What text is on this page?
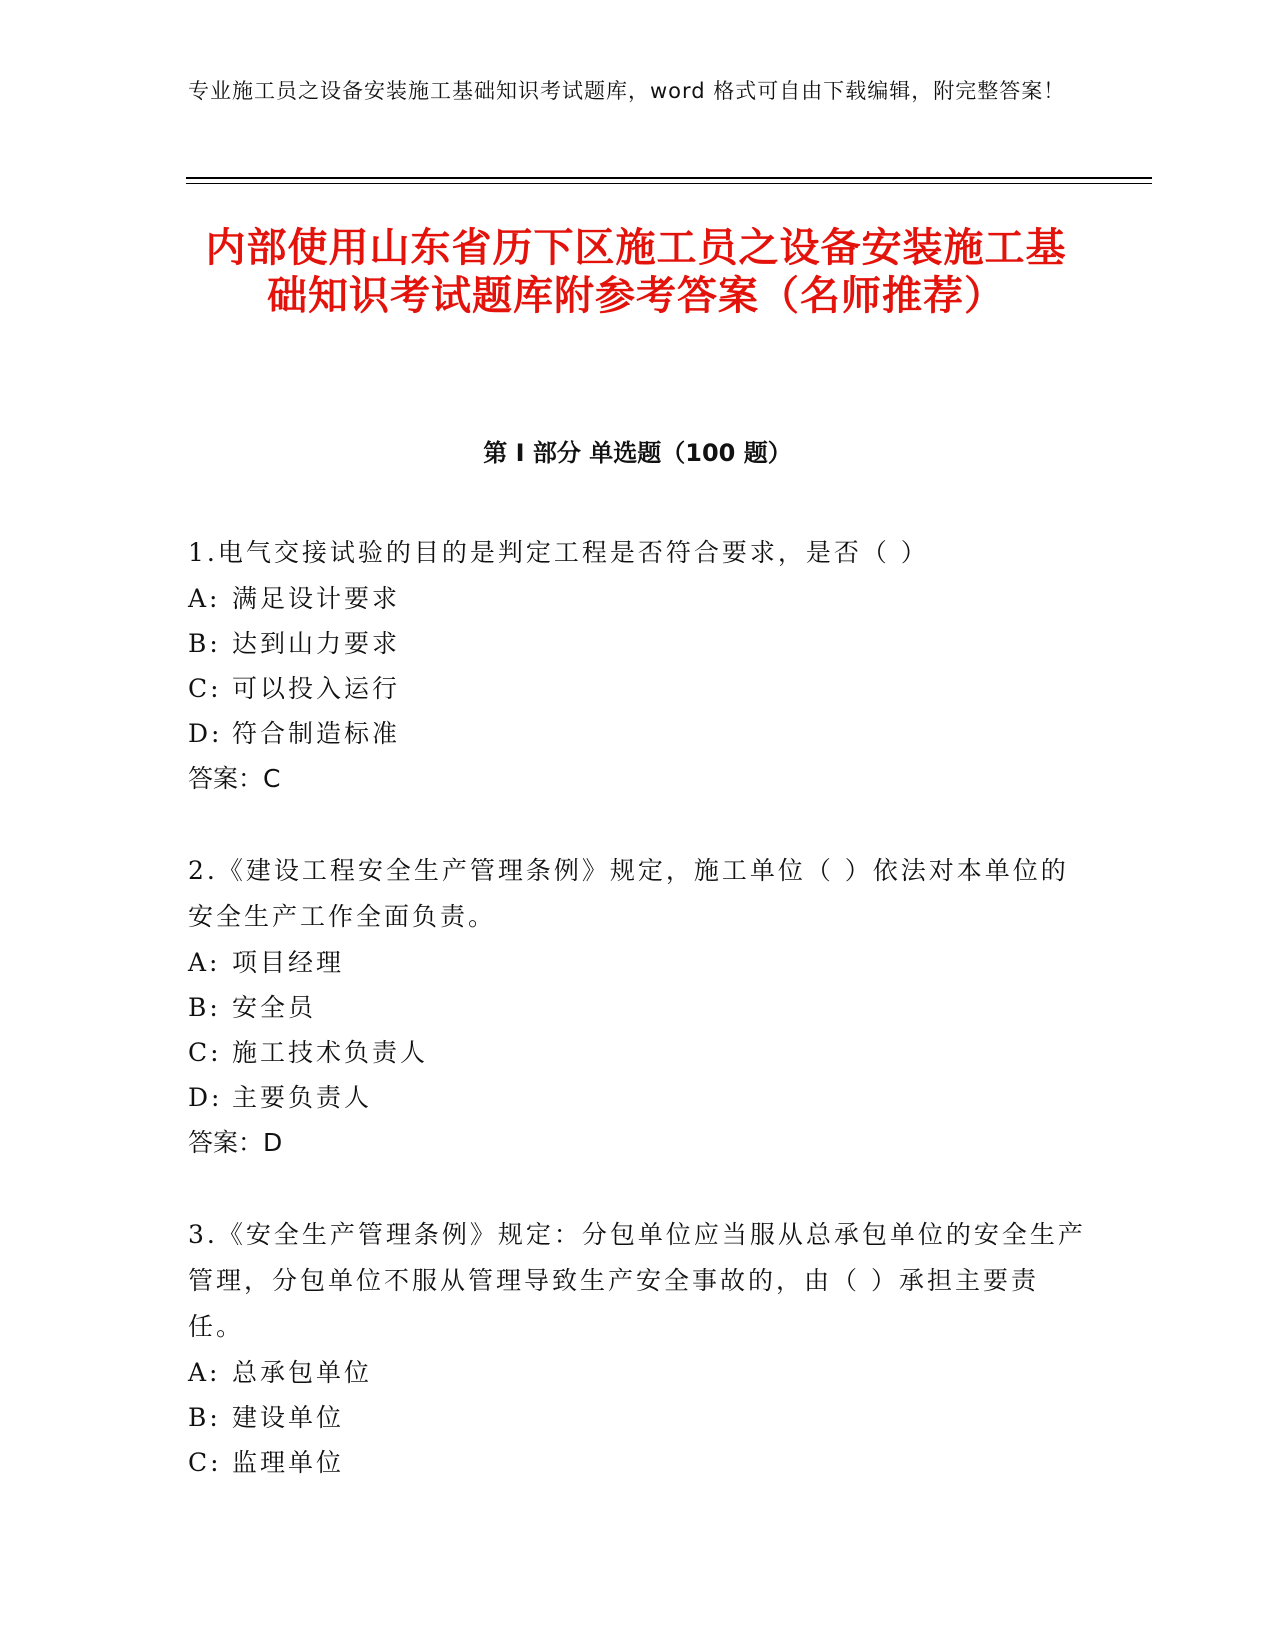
专业施工员之设备安装施工基础知识考试题库，word 格式可自由下载编辑，附完整答案！
内部使用山东省历下区施工员之设备安装施工基础知识考试题库附参考答案（名师推荐）
第 I 部分 单选题（100 题）
1.电气交接试验的目的是判定工程是否符合要求，是否（ ）
A: 满足设计要求
B: 达到山力要求
C: 可以投入运行
D: 符合制造标准
答案：C
2.《建设工程安全生产管理条例》规定，施工单位（ ）依法对本单位的安全生产工作全面负责。
A: 项目经理
B: 安全员
C: 施工技术负责人
D: 主要负责人
答案：D
3.《安全生产管理条例》规定：分包单位应当服从总承包单位的安全生产管理，分包单位不服从管理导致生产安全事故的，由（ ）承担主要责任。
A: 总承包单位
B: 建设单位
C: 监理单位
